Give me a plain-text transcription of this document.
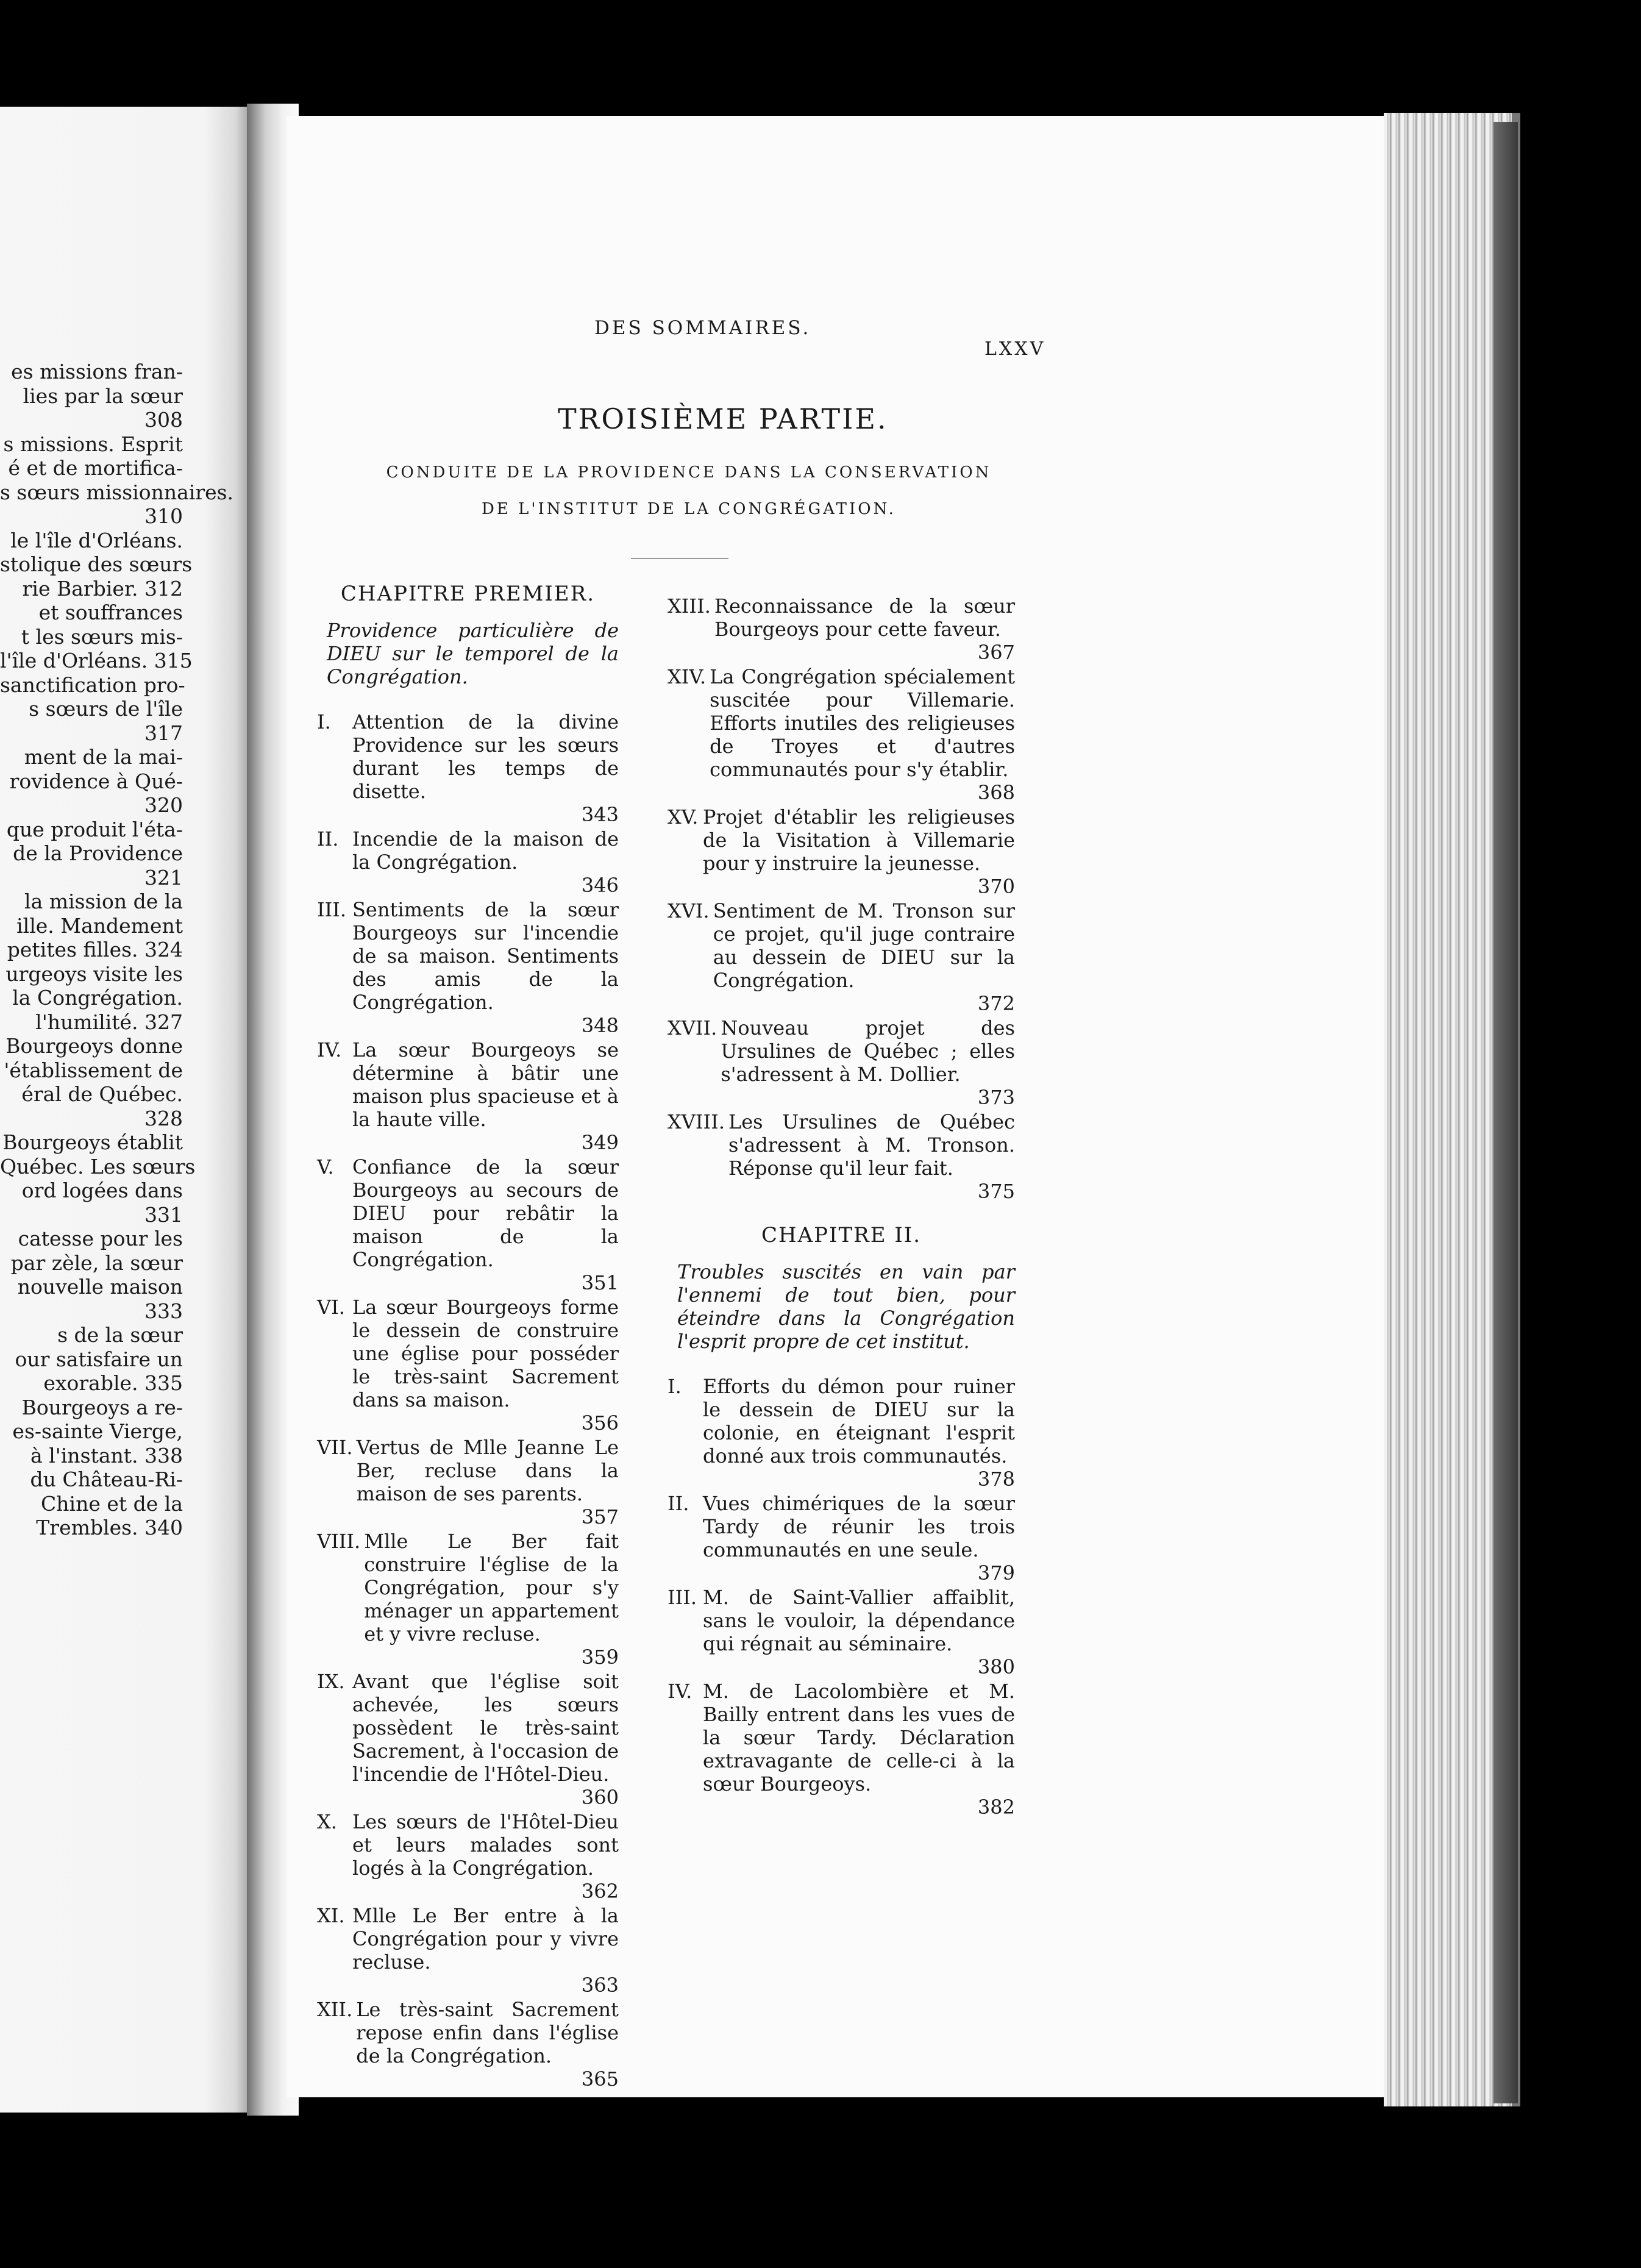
es missions fran-
lies par la sœur
308
s missions. Esprit
é et de mortifica-
s sœurs missionnaires.
310
le l'île d'Orléans.
stolique des sœurs
rie Barbier. 312
et souffrances
t les sœurs mis-
l'île d'Orléans. 315
sanctification pro-
s sœurs de l'île
317
ment de la mai-
rovidence à Qué-
320
que produit l'éta-
de la Providence
321
la mission de la
ille. Mandement
petites filles. 324
urgeoys visite les
la Congrégation.
l'humilité. 327
Bourgeoys donne
'établissement de
éral de Québec.
328
Bourgeoys établit
Québec. Les sœurs
ord logées dans
331
catesse pour les
par zèle, la sœur
nouvelle maison
333
s de la sœur
our satisfaire un
exorable. 335
Bourgeoys a re-
es-sainte Vierge,
à l'instant. 338
du Château-Ri-
Chine et de la
Trembles. 340
DES SOMMAIRES.
LXXV
TROISIÈME PARTIE.
CONDUITE DE LA PROVIDENCE DANS LA CONSERVATION
DE L'INSTITUT DE LA CONGRÉGATION.
CHAPITRE PREMIER.
Providence particulière de DIEU sur le temporel de la Congrégation.
I.	Attention de la divine Providence sur les sœurs durant les temps de disette.
343
II. Incendie de la maison de la Congrégation.
346
III. Sentiments de la sœur Bourgeoys sur l'incendie de sa maison. Sentiments des amis de la Congrégation.
348
IV. La sœur Bourgeoys se détermine à bâtir une maison plus spacieuse et à la haute ville.
349
V. Confiance de la sœur Bourgeoys au secours de DIEU pour rebâtir la maison de la Congrégation.
351
VI. La sœur Bourgeoys forme le dessein de construire une église pour posséder le très-saint Sacrement dans sa maison.
356
VII. Vertus de Mlle Jeanne Le Ber, recluse dans la maison de ses parents.
357
VIII. Mlle Le Ber fait construire l'église de la Congrégation, pour s'y ménager un appartement et y vivre recluse.
359
IX. Avant que l'église soit achevée, les sœurs possèdent le très-saint Sacrement, à l'occasion de l'incendie de l'Hôtel-Dieu.
360
X. Les sœurs de l'Hôtel-Dieu et leurs malades sont logés à la Congrégation.
362
XI. Mlle Le Ber entre à la Congrégation pour y vivre recluse.
363
XII. Le très-saint Sacrement repose enfin dans l'église de la Congrégation.
365
XIII. Reconnaissance de la sœur Bourgeoys pour cette faveur.
367
XIV. La Congrégation spécialement suscitée pour Villemarie. Efforts inutiles des religieuses de Troyes et d'autres communautés pour s'y établir.
368
XV. Projet d'établir les religieuses de la Visitation à Villemarie pour y instruire la jeunesse.
370
XVI. Sentiment de M. Tronson sur ce projet, qu'il juge contraire au dessein de DIEU sur la Congrégation.
372
XVII. Nouveau projet des Ursulines de Québec ; elles s'adressent à M. Dollier.
373
XVIII. Les Ursulines de Québec s'adressent à M. Tronson. Réponse qu'il leur fait.
375
CHAPITRE II.
Troubles suscités en vain par l'ennemi de tout bien, pour éteindre dans la Congrégation l'esprit propre de cet institut.
I.	Efforts du démon pour ruiner le dessein de DIEU sur la colonie, en éteignant l'esprit donné aux trois communautés.
378
II. Vues chimériques de la sœur Tardy de réunir les trois communautés en une seule.
379
III. M. de Saint-Vallier affaiblit, sans le vouloir, la dépendance qui régnait au séminaire.
380
IV. M. de Lacolombière et M. Bailly entrent dans les vues de la sœur Tardy. Déclaration extravagante de celle-ci à la sœur Bourgeoys.
382
